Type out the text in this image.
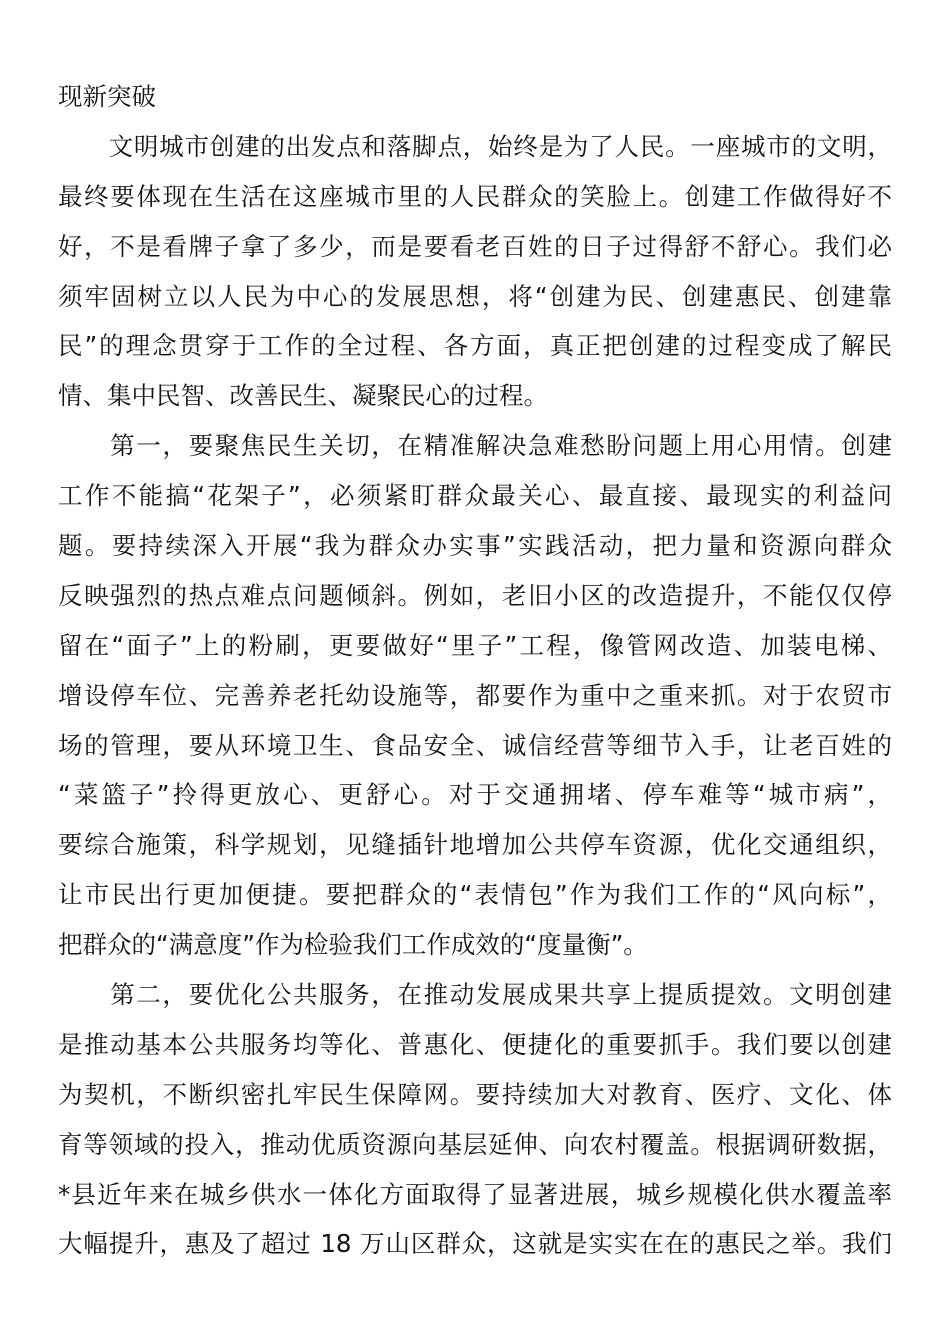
现新突破
　　文明城市创建的出发点和落脚点，始终是为了人民。一座城市的文明，
最终要体现在生活在这座城市里的人民群众的笑脸上。创建工作做得好不
好，不是看牌子拿了多少，而是要看老百姓的日子过得舒不舒心。我们必
须牢固树立以人民为中心的发展思想，将“创建为民、创建惠民、创建靠
民”的理念贯穿于工作的全过程、各方面，真正把创建的过程变成了解民
情、集中民智、改善民生、凝聚民心的过程。
　　第一，要聚焦民生关切，在精准解决急难愁盼问题上用心用情。创建
工作不能搞“花架子”，必须紧盯群众最关心、最直接、最现实的利益问
题。要持续深入开展“我为群众办实事”实践活动，把力量和资源向群众
反映强烈的热点难点问题倾斜。例如，老旧小区的改造提升，不能仅仅停
留在“面子”上的粉刷，更要做好“里子”工程，像管网改造、加装电梯、
增设停车位、完善养老托幼设施等，都要作为重中之重来抓。对于农贸市
场的管理，要从环境卫生、食品安全、诚信经营等细节入手，让老百姓的
“菜篮子”拎得更放心、更舒心。对于交通拥堵、停车难等“城市病”，
要综合施策，科学规划，见缝插针地增加公共停车资源，优化交通组织，
让市民出行更加便捷。要把群众的“表情包”作为我们工作的“风向标”，
把群众的“满意度”作为检验我们工作成效的“度量衡”。
　　第二，要优化公共服务，在推动发展成果共享上提质提效。文明创建
是推动基本公共服务均等化、普惠化、便捷化的重要抓手。我们要以创建
为契机，不断织密扎牢民生保障网。要持续加大对教育、医疗、文化、体
育等领域的投入，推动优质资源向基层延伸、向农村覆盖。根据调研数据，
*县近年来在城乡供水一体化方面取得了显著进展，城乡规模化供水覆盖率
大幅提升，惠及了超过 18 万山区群众，这就是实实在在的惠民之举。我们
